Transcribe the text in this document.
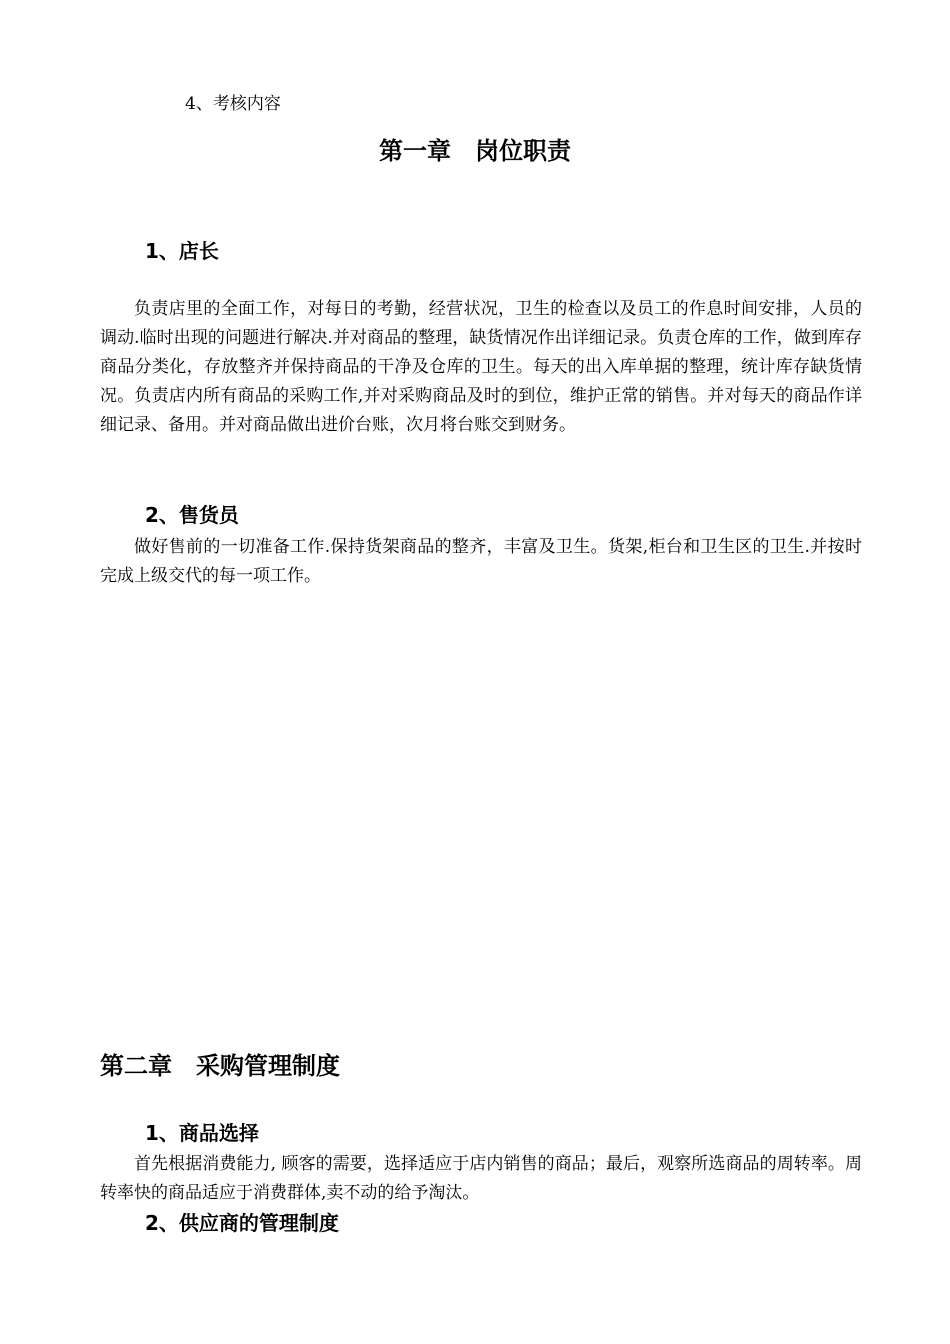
4、考核内容
第一章　岗位职责
1、店长

负责店里的全面工作，对每日的考勤，经营状况，卫生的检查以及员工的作息时间安排，人员的调动.临时出现的问题进行解决.并对商品的整理，缺货情况作出详细记录。负责仓库的工作，做到库存商品分类化，存放整齐并保持商品的干净及仓库的卫生。每天的出入库单据的整理，统计库存缺货情况。负责店内所有商品的采购工作,并对采购商品及时的到位，维护正常的销售。并对每天的商品作详细记录、备用。并对商品做出进价台账，次月将台账交到财务。

2、售货员

做好售前的一切准备工作.保持货架商品的整齐，丰富及卫生。货架,柜台和卫生区的卫生.并按时完成上级交代的每一项工作。

第二章　采购管理制度
1、商品选择

首先根据消费能力, 顾客的需要，选择适应于店内销售的商品；最后，观察所选商品的周转率。周转率快的商品适应于消费群体,卖不动的给予淘汰。

2、供应商的管理制度
